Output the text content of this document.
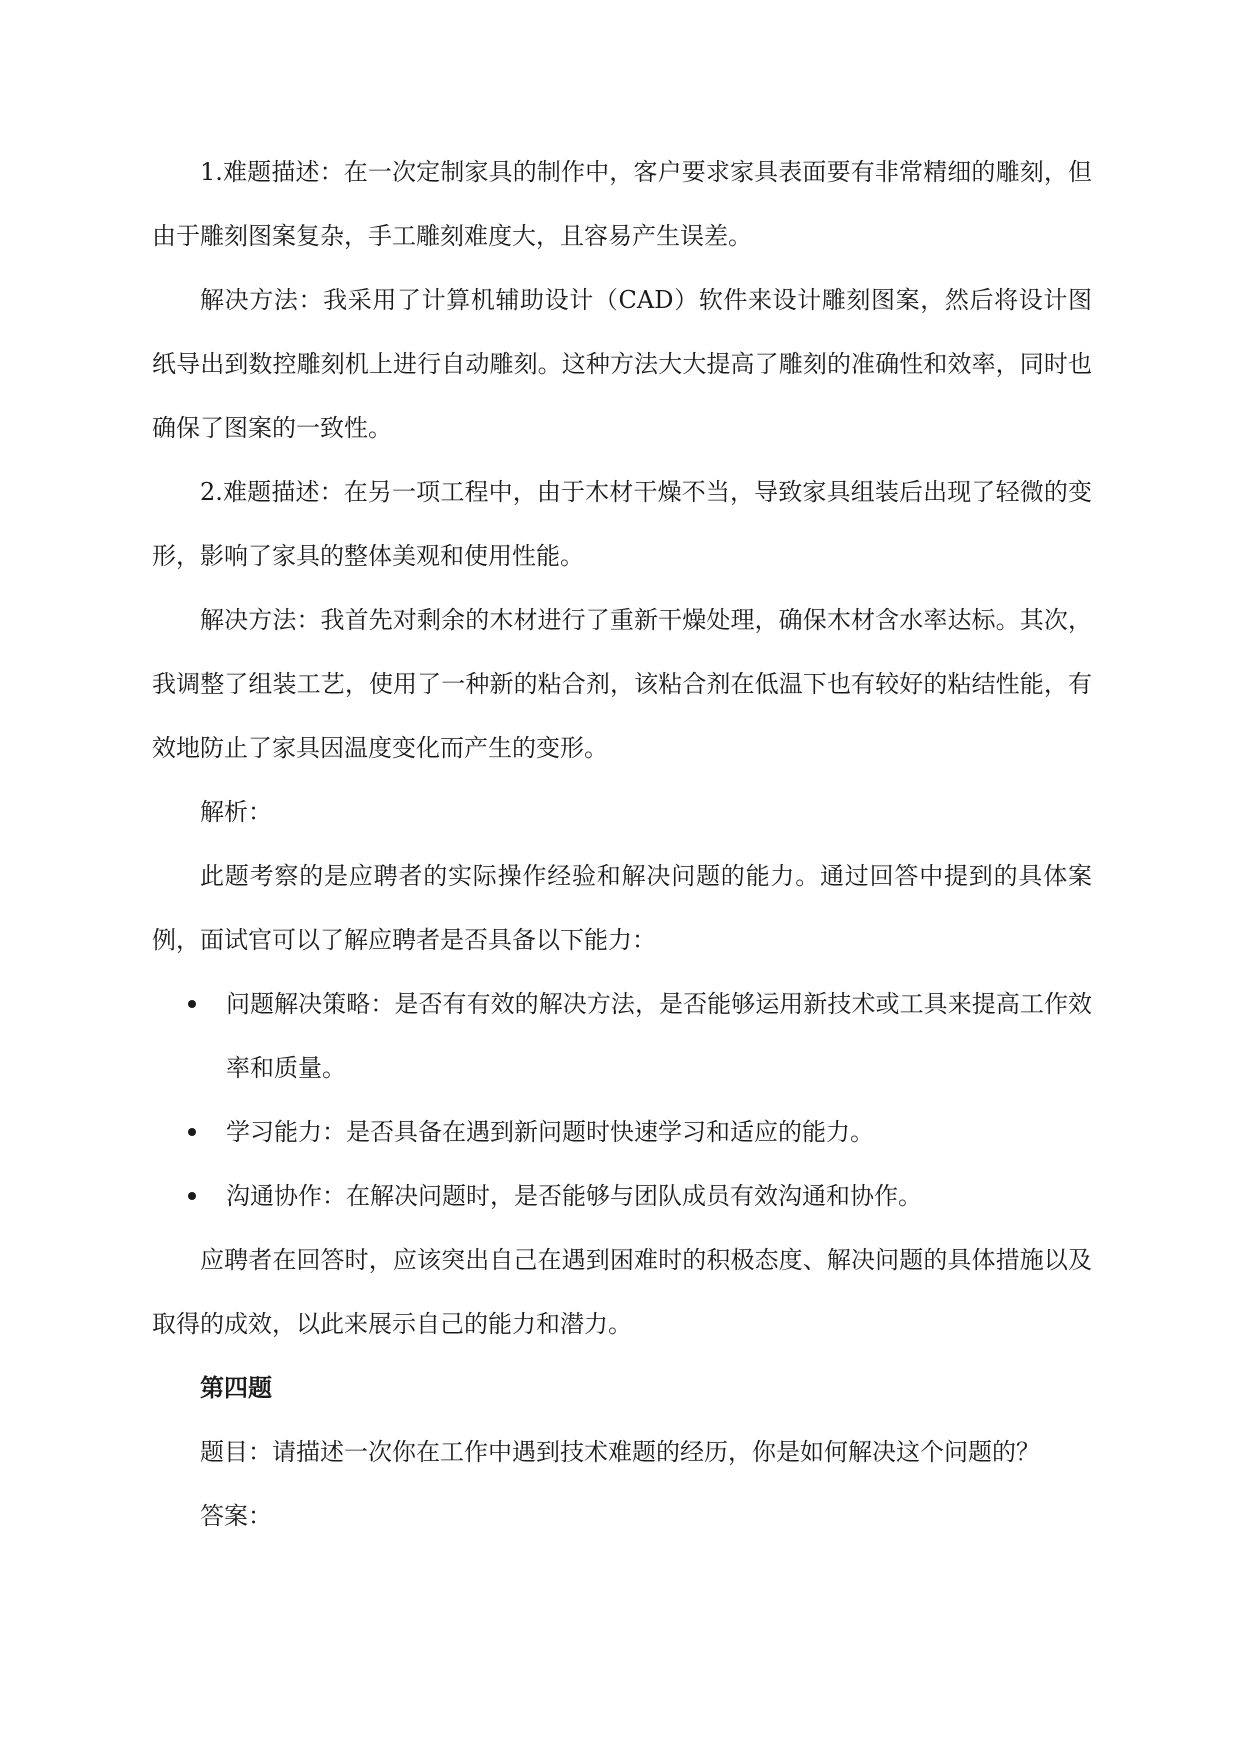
1.难题描述：在一次定制家具的制作中，客户要求家具表面要有非常精细的雕刻，但由于雕刻图案复杂，手工雕刻难度大，且容易产生误差。

解决方法：我采用了计算机辅助设计（CAD）软件来设计雕刻图案，然后将设计图纸导出到数控雕刻机上进行自动雕刻。这种方法大大提高了雕刻的准确性和效率，同时也确保了图案的一致性。

2.难题描述：在另一项工程中，由于木材干燥不当，导致家具组装后出现了轻微的变形，影响了家具的整体美观和使用性能。

解决方法：我首先对剩余的木材进行了重新干燥处理，确保木材含水率达标。其次，我调整了组装工艺，使用了一种新的粘合剂，该粘合剂在低温下也有较好的粘结性能，有效地防止了家具因温度变化而产生的变形。

解析：

此题考察的是应聘者的实际操作经验和解决问题的能力。通过回答中提到的具体案例，面试官可以了解应聘者是否具备以下能力：

问题解决策略：是否有有效的解决方法，是否能够运用新技术或工具来提高工作效率和质量。
学习能力：是否具备在遇到新问题时快速学习和适应的能力。
沟通协作：在解决问题时，是否能够与团队成员有效沟通和协作。

应聘者在回答时，应该突出自己在遇到困难时的积极态度、解决问题的具体措施以及取得的成效，以此来展示自己的能力和潜力。

第四题

题目：请描述一次你在工作中遇到技术难题的经历，你是如何解决这个问题的？

答案：
